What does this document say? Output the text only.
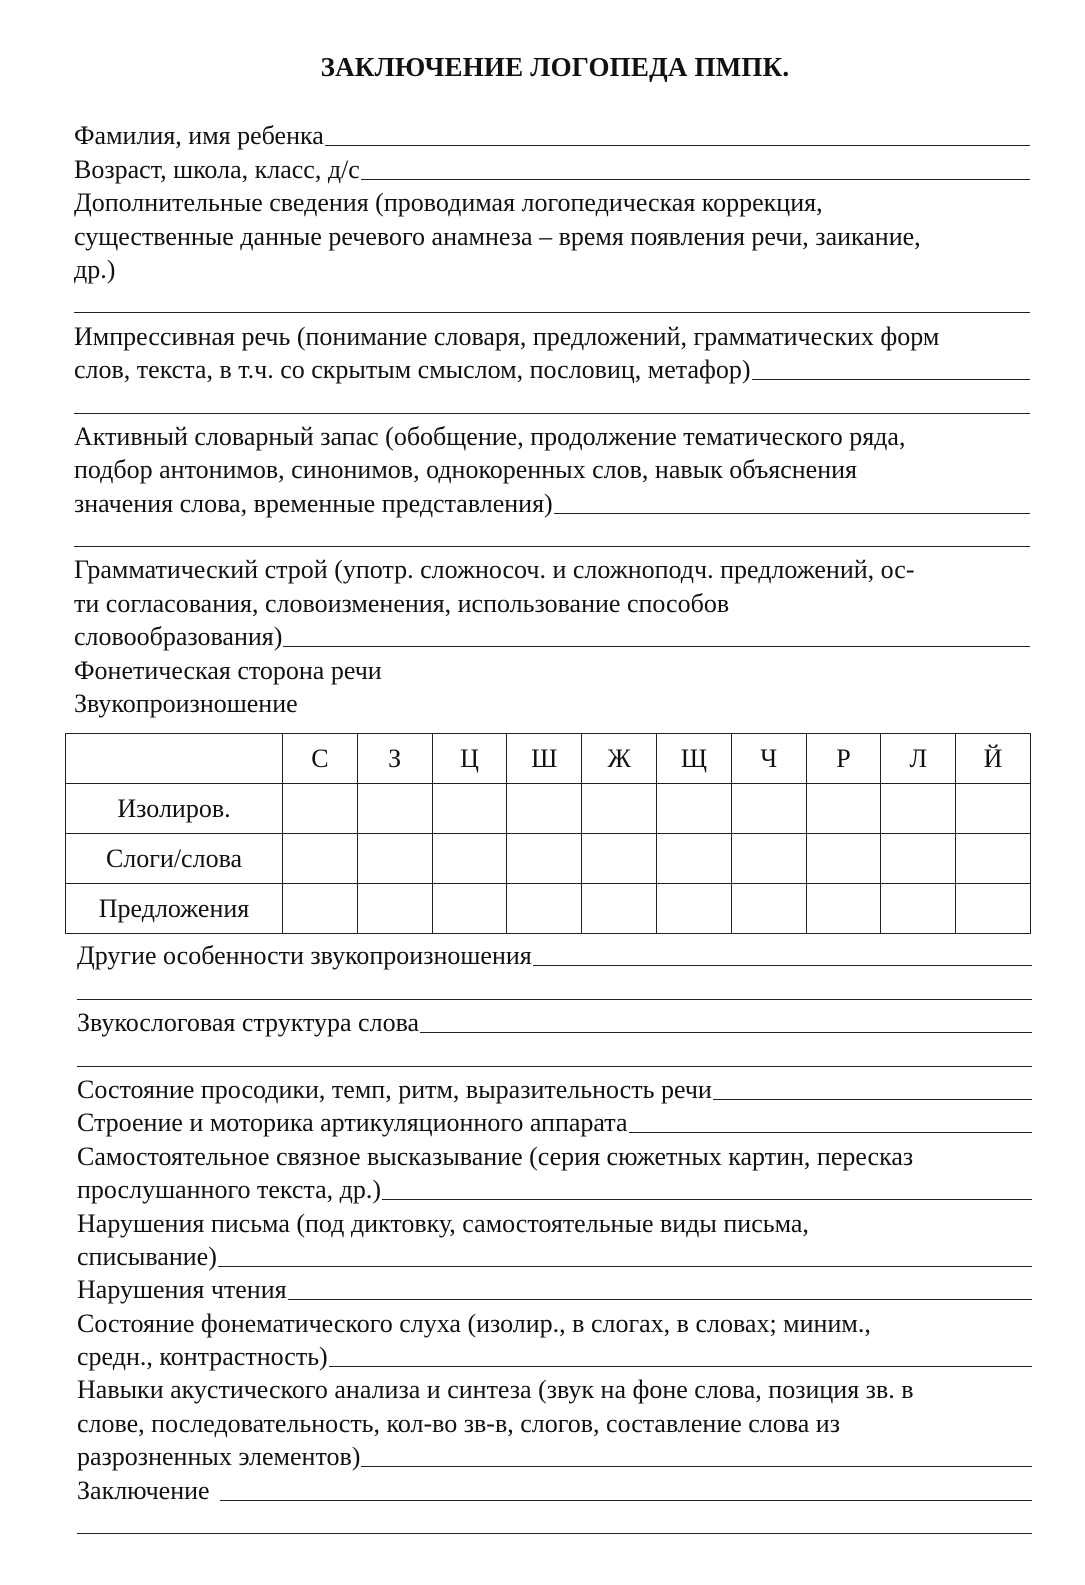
ЗАКЛЮЧЕНИЕ ЛОГОПЕДА ПМПК.
Фамилия, имя ребенка
Возраст, школа, класс, д/с
Дополнительные сведения (проводимая логопедическая коррекция,
существенные данные речевого анамнеза – время появления речи, заикание,
др.)
Импрессивная речь (понимание словаря, предложений, грамматических форм
слов, текста, в т.ч. со скрытым смыслом, пословиц, метафор)
Активный словарный запас (обобщение, продолжение тематического ряда,
подбор антонимов, синонимов, однокоренных слов, навык объяснения
значения слова, временные представления)
Грамматический строй (употр. сложносоч. и сложноподч. предложений, ос-
ти согласования, словоизменения, использование способов
словообразования)
Фонетическая сторона речи
Звукопроизношение
	С	З	Ц	Ш	Ж	Щ	Ч	Р	Л	Й
Изолиров.										
Слоги/слова										
Предложения										
Другие особенности звукопроизношения
Звукослоговая структура слова
Состояние просодики, темп, ритм, выразительность речи
Строение и моторика артикуляционного аппарата
Самостоятельное связное высказывание (серия сюжетных картин, пересказ
прослушанного текста, др.)
Нарушения письма (под диктовку, самостоятельные виды письма,
списывание)
Нарушения чтения
Состояние фонематического слуха (изолир., в слогах, в словах; миним.,
средн., контрастность)
Навыки акустического анализа и синтеза (звук на фоне слова, позиция зв. в
слове, последовательность, кол-во зв-в, слогов, составление слова из
разрозненных элементов)
Заключение
